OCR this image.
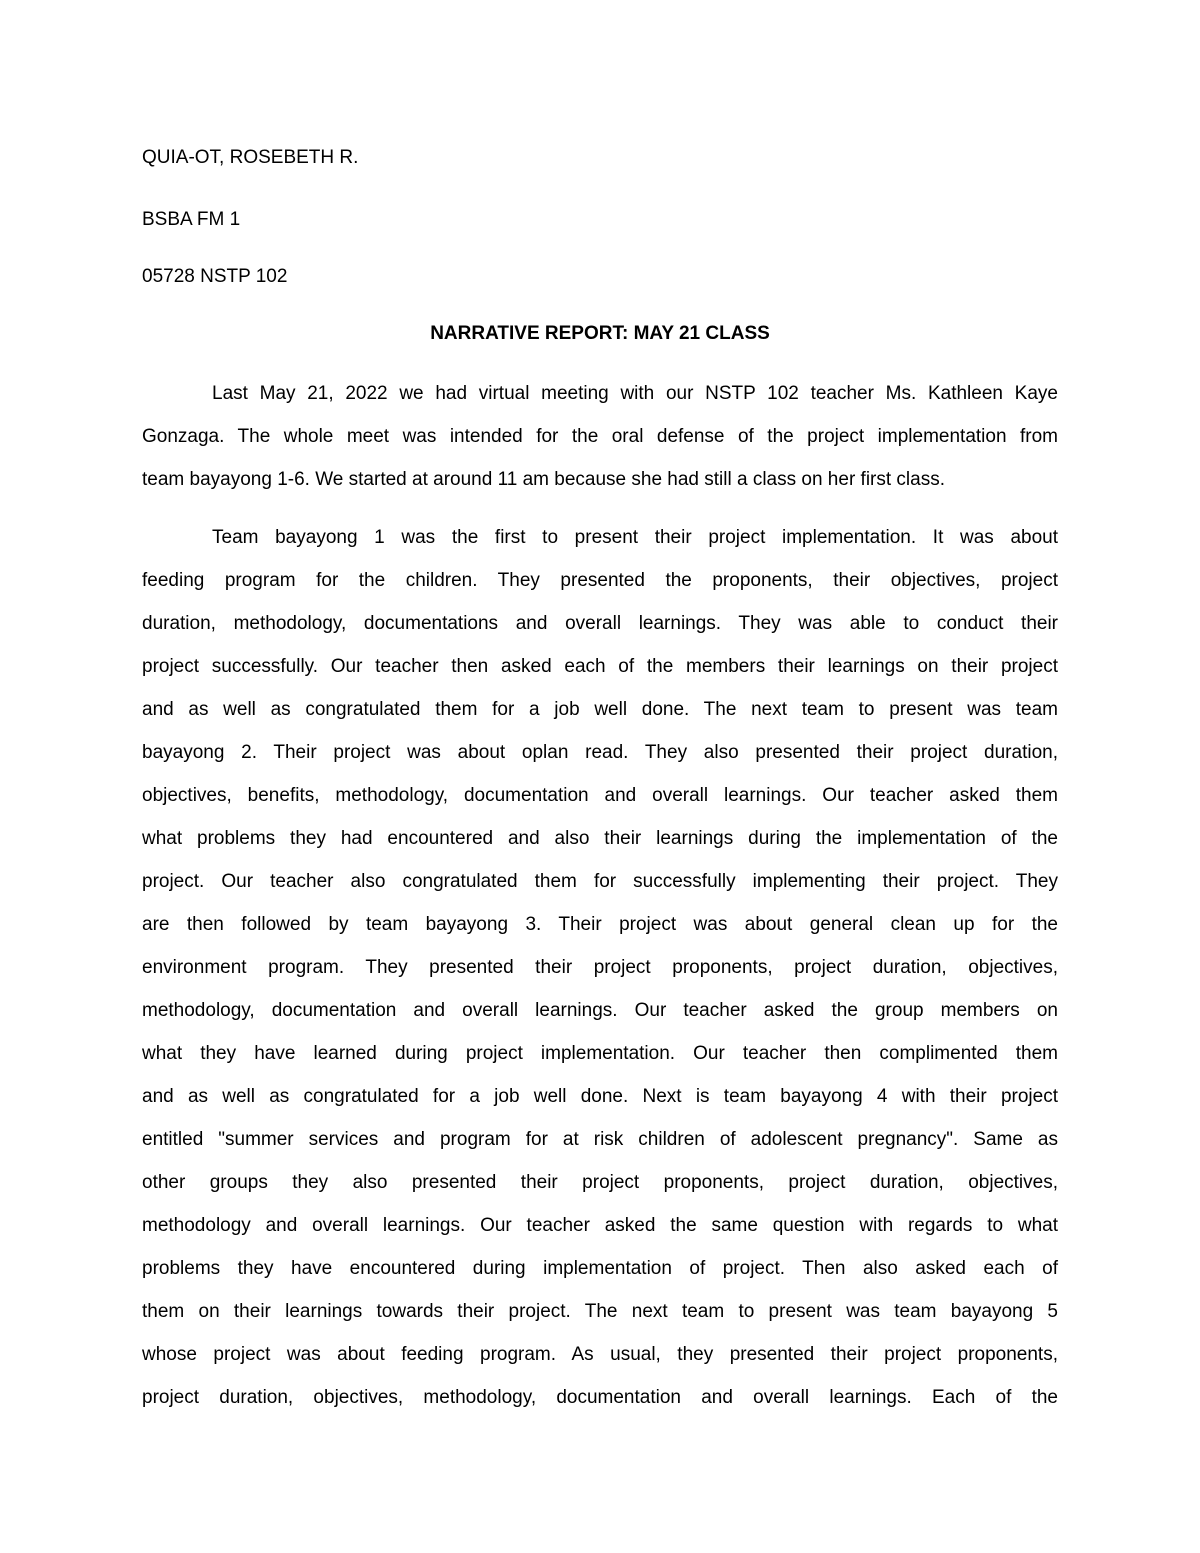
QUIA-OT, ROSEBETH R.
BSBA FM 1
05728 NSTP 102
NARRATIVE REPORT: MAY 21 CLASS
Last May 21, 2022 we had virtual meeting with our NSTP 102 teacher Ms. Kathleen Kaye
Gonzaga. The whole meet was intended for the oral defense of the project implementation from
team bayayong 1-6. We started at around 11 am because she had still a class on her first class.
Team bayayong 1 was the first to present their project implementation. It was about
feeding program for the children. They presented the proponents, their objectives, project
duration, methodology, documentations and overall learnings. They was able to conduct their
project successfully. Our teacher then asked each of the members their learnings on their project
and as well as congratulated them for a job well done. The next team to present was team
bayayong 2. Their project was about oplan read. They also presented their project duration,
objectives, benefits, methodology, documentation and overall learnings. Our teacher asked them
what problems they had encountered and also their learnings during the implementation of the
project. Our teacher also congratulated them for successfully implementing their project. They
are then followed by team bayayong 3. Their project was about general clean up for the
environment program. They presented their project proponents, project duration, objectives,
methodology, documentation and overall learnings. Our teacher asked the group members on
what they have learned during project implementation. Our teacher then complimented them
and as well as congratulated for a job well done. Next is team bayayong 4 with their project
entitled "summer services and program for at risk children of adolescent pregnancy". Same as
other groups they also presented their project proponents, project duration, objectives,
methodology and overall learnings. Our teacher asked the same question with regards to what
problems they have encountered during implementation of project. Then also asked each of
them on their learnings towards their project. The next team to present was team bayayong 5
whose project was about feeding program. As usual, they presented their project proponents,
project duration, objectives, methodology, documentation and overall learnings. Each of the
